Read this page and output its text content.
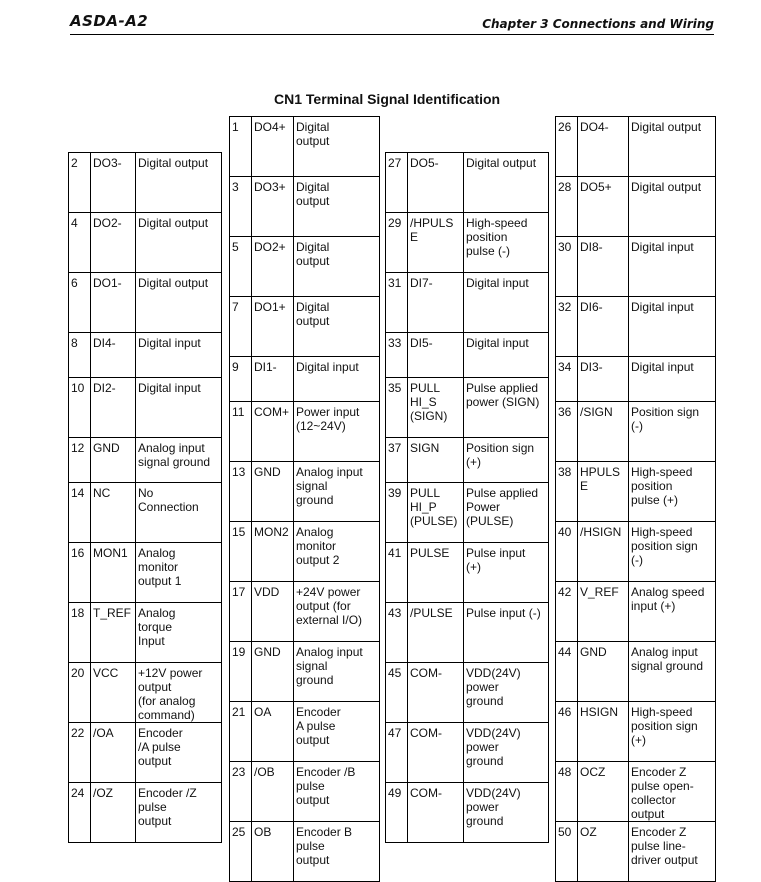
ASDA-A2	Chapter 3 Connections and Wiring
CN1 Terminal Signal Identification
2	DO3-	Digital output
4	DO2-	Digital output
6	DO1-	Digital output
8	DI4-	Digital input
10	DI2-	Digital input
12	GND	Analog input
signal ground
14	NC	No
Connection
16	MON1	Analog
monitor
output 1
18	T_REF	Analog
torque
Input
20	VCC	+12V power
output
(for analog
command)
22	/OA	Encoder
/A pulse
output
24	/OZ	Encoder /Z
pulse
output
1	DO4+	Digital
output
3	DO3+	Digital
output
5	DO2+	Digital
output
7	DO1+	Digital
output
9	DI1-	Digital input
11	COM+	Power input
(12~24V)
13	GND	Analog input
signal
ground
15	MON2	Analog
monitor
output 2
17	VDD	+24V power
output (for
external I/O)
19	GND	Analog input
signal
ground
21	OA	Encoder
A pulse
output
23	/OB	Encoder /B
pulse
output
25	OB	Encoder B
pulse
output
27	DO5-	Digital output
29	/HPULSE	High-speed
position
pulse (-)
31	DI7-	Digital input
33	DI5-	Digital input
35	PULL
HI_S
(SIGN)	Pulse applied
power (SIGN)
37	SIGN	Position sign
(+)
39	PULL
HI_P
(PULSE)	Pulse applied
Power
(PULSE)
41	PULSE	Pulse input
(+)
43	/PULSE	Pulse input (-)
45	COM-	VDD(24V)
power
ground
47	COM-	VDD(24V)
power
ground
49	COM-	VDD(24V)
power
ground
26	DO4-	Digital output
28	DO5+	Digital output
30	DI8-	Digital input
32	DI6-	Digital input
34	DI3-	Digital input
36	/SIGN	Position sign
(-)
38	HPULSE	High-speed
position
pulse (+)
40	/HSIGN	High-speed
position sign
(-)
42	V_REF	Analog speed
input (+)
44	GND	Analog input
signal ground
46	HSIGN	High-speed
position sign
(+)
48	OCZ	Encoder Z
pulse open-
collector
output
50	OZ	Encoder Z
pulse line-
driver output
